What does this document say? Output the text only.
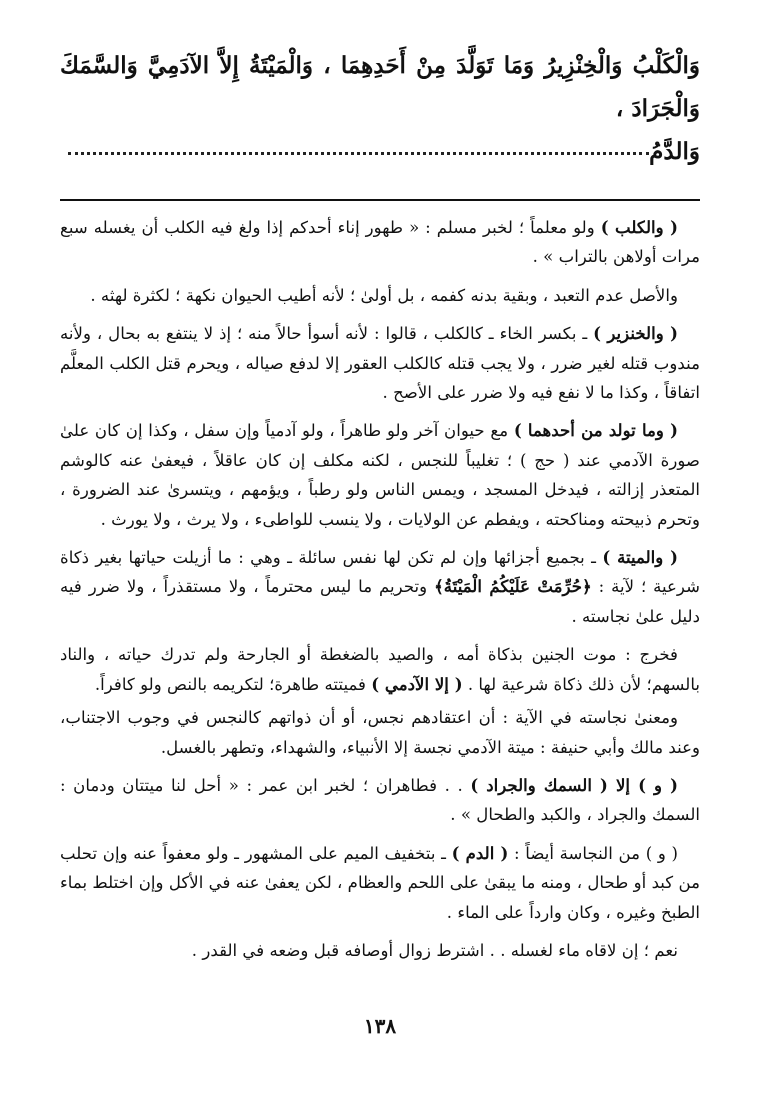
وَالْكَلْبُ وَالْخِنْزِيرُ وَمَا تَوَلَّدَ مِنْ أَحَدِهِمَا ، وَالْمَيْتَةُ إِلاَّ الآدَمِيَّ وَالسَّمَكَ وَالْجَرَادَ ،

وَالدَّمُ

( والكلب ) ولو معلماً ؛ لخبر مسلم : « طهور إناء أحدكم إذا ولغ فيه الكلب أن يغسله سبع مرات أولاهن بالتراب » .

والأصل عدم التعبد ، وبقية بدنه كفمه ، بل أولىٰ ؛ لأنه أطيب الحيوان نكهة ؛ لكثرة لهثه .

( والخنزير ) ـ بكسر الخاء ـ كالكلب ، قالوا : لأنه أسوأ حالاً منه ؛ إذ لا ينتفع به بحال ، ولأنه مندوب قتله لغير ضرر ، ولا يجب قتله كالكلب العقور إلا لدفع صياله ، ويحرم قتل الكلب المعلَّم اتفاقاً ، وكذا ما لا نفع فيه ولا ضرر على الأصح .

( وما تولد من أحدهما ) مع حيوان آخر ولو طاهراً ، ولو آدمياً وإن سفل ، وكذا إن كان علىٰ صورة الآدمي عند ( حج ) ؛ تغليباً للنجس ، لكنه مكلف إن كان عاقلاً ، فيعفىٰ عنه كالوشم المتعذر إزالته ، فيدخل المسجد ، ويمس الناس ولو رطباً ، ويؤمهم ، ويتسرىٰ عند الضرورة ، وتحرم ذبيحته ومناكحته ، ويفطم عن الولايات ، ولا ينسب للواطىء ، ولا يرث ، ولا يورث .

( والميتة ) ـ بجميع أجزائها وإن لم تكن لها نفس سائلة ـ وهي : ما أزيلت حياتها بغير ذكاة شرعية ؛ لآية : ﴿حُرِّمَتْ عَلَيْكُمُ الْمَيْتَةُ﴾ وتحريم ما ليس محترماً ، ولا مستقذراً ، ولا ضرر فيه دليل علىٰ نجاسته .

فخرج : موت الجنين بذكاة أمه ، والصيد بالضغطة أو الجارحة ولم تدرك حياته ، والناد بالسهم؛ لأن ذلك ذكاة شرعية لها . ( إلا الآدمي ) فميتته طاهرة؛ لتكريمه بالنص ولو كافراً.

ومعنىٰ نجاسته في الآية : أن اعتقادهم نجس، أو أن ذواتهم كالنجس في وجوب الاجتناب، وعند مالك وأبي حنيفة : ميتة الآدمي نجسة إلا الأنبياء، والشهداء، وتطهر بالغسل.

( و ) إلا ( السمك والجراد ) . . فطاهران ؛ لخبر ابن عمر : « أحل لنا ميتتان ودمان : السمك والجراد ، والكبد والطحال » .

( و ) من النجاسة أيضاً : ( الدم ) ـ بتخفيف الميم على المشهور ـ ولو معفواً عنه وإن تحلب من كبد أو طحال ، ومنه ما يبقىٰ على اللحم والعظام ، لكن يعفىٰ عنه في الأكل وإن اختلط بماء الطبخ وغيره ، وكان وارداً على الماء .

نعم ؛ إن لاقاه ماء لغسله . . اشترط زوال أوصافه قبل وضعه في القدر .

١٣٨
